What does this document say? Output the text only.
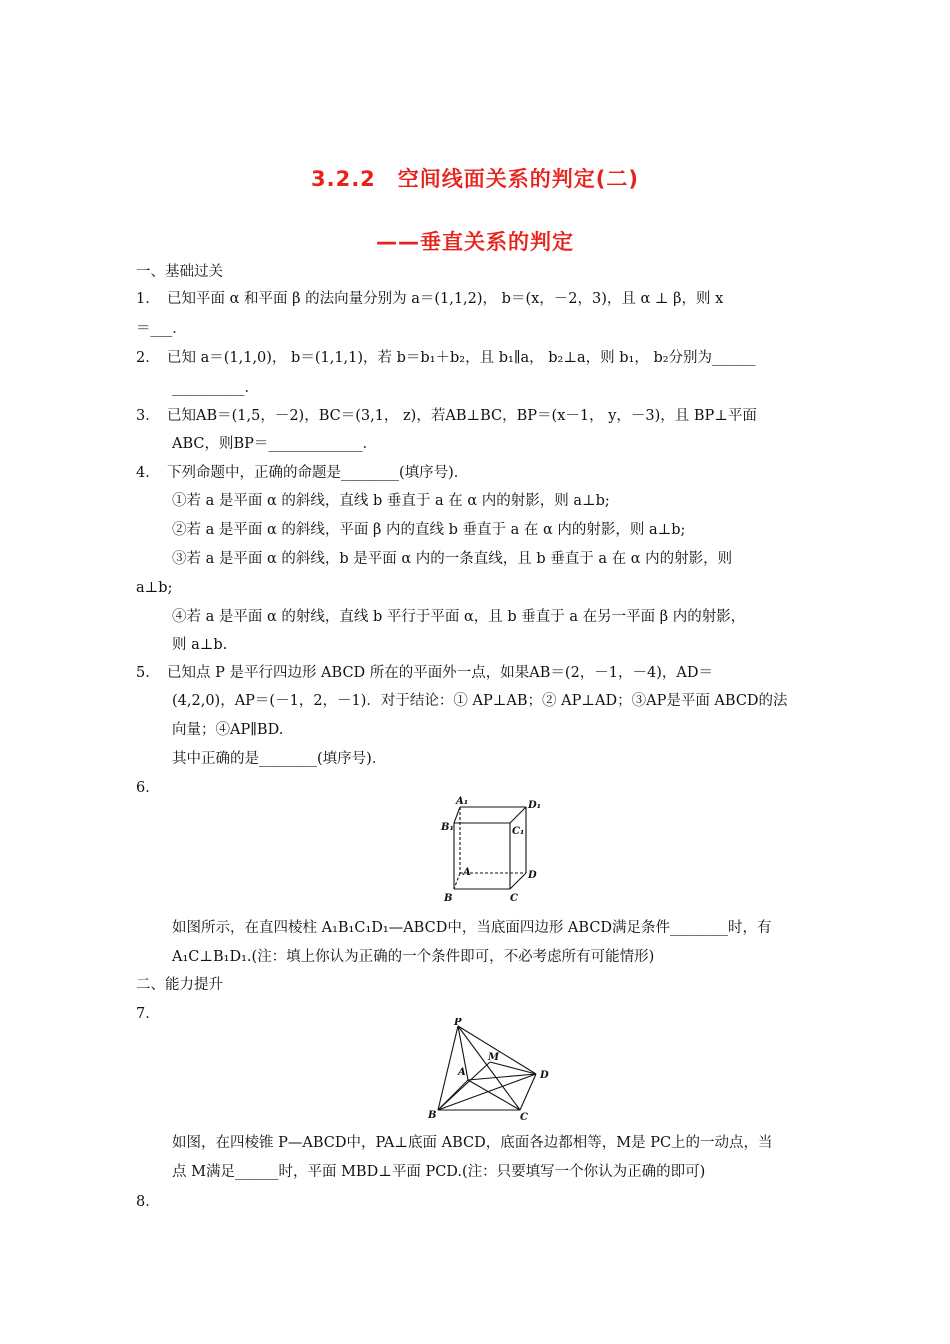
3.2.2　空间线面关系的判定(二)
——垂直关系的判定
一、基础过关
1．　已知平面 α 和平面 β 的法向量分别为 a＝(1,1,2)， b＝(x，－2，3)，且 α ⊥ β，则 x
＝___．
2．　已知 a＝(1,1,0)， b＝(1,1,1)，若 b＝b₁＋b₂，且 b₁∥a， b₂⊥a，则 b₁， b₂分别为______
__________．
3．　已知AB＝(1,5，－2)，BC＝(3,1， z)，若AB⊥BC，BP＝(x－1， y，－3)，且 BP⊥平面
ABC，则BP＝_____________．
4．　下列命题中，正确的命题是________(填序号)．
①若 a 是平面 α 的斜线，直线 b 垂直于 a 在 α 内的射影，则 a⊥b;
②若 a 是平面 α 的斜线，平面 β 内的直线 b 垂直于 a 在 α 内的射影，则 a⊥b;
③若 a 是平面 α 的斜线，b 是平面 α 内的一条直线，且 b 垂直于 a 在 α 内的射影，则
a⊥b;
④若 a 是平面 α 的射线，直线 b 平行于平面 α，且 b 垂直于 a 在另一平面 β 内的射影，
则 a⊥b.
5．　已知点 P 是平行四边形 ABCD 所在的平面外一点，如果AB＝(2，－1，－4)，AD＝
(4,2,0)，AP＝(－1，2，－1)．对于结论：① AP⊥AB；② AP⊥AD；③AP是平面 ABCD的法
向量；④AP∥BD.
其中正确的是________(填序号)．
6．
A₁	D₁
B₁	C₁
A	D
B	C
如图所示，在直四棱柱 A₁B₁C₁D₁—ABCD中，当底面四边形 ABCD满足条件________时，有
A₁C⊥B₁D₁.(注：填上你认为正确的一个条件即可，不必考虑所有可能情形)
二、能力提升
7．
P
M
A	D
B	C
如图，在四棱锥 P—ABCD中，PA⊥底面 ABCD，底面各边都相等，M是 PC上的一动点，当
点 M满足______时，平面 MBD⊥平面 PCD.(注：只要填写一个你认为正确的即可)
8．
